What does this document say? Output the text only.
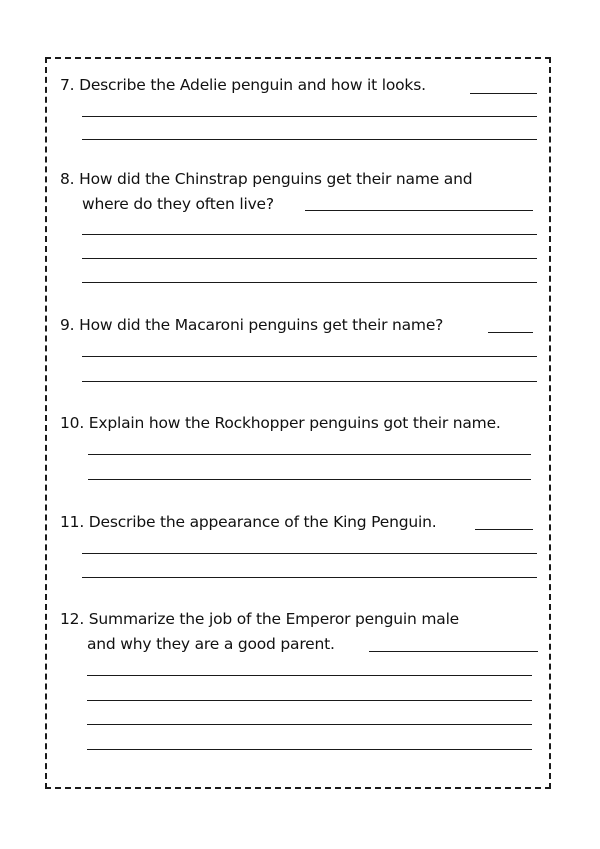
7. Describe the Adelie penguin and how it looks.
8. How did the Chinstrap penguins get their name and
where do they often live?
9. How did the Macaroni penguins get their name?
10. Explain how the Rockhopper penguins got their name.
11. Describe the appearance of the King Penguin.
12. Summarize the job of the Emperor penguin male
and why they are a good parent.
